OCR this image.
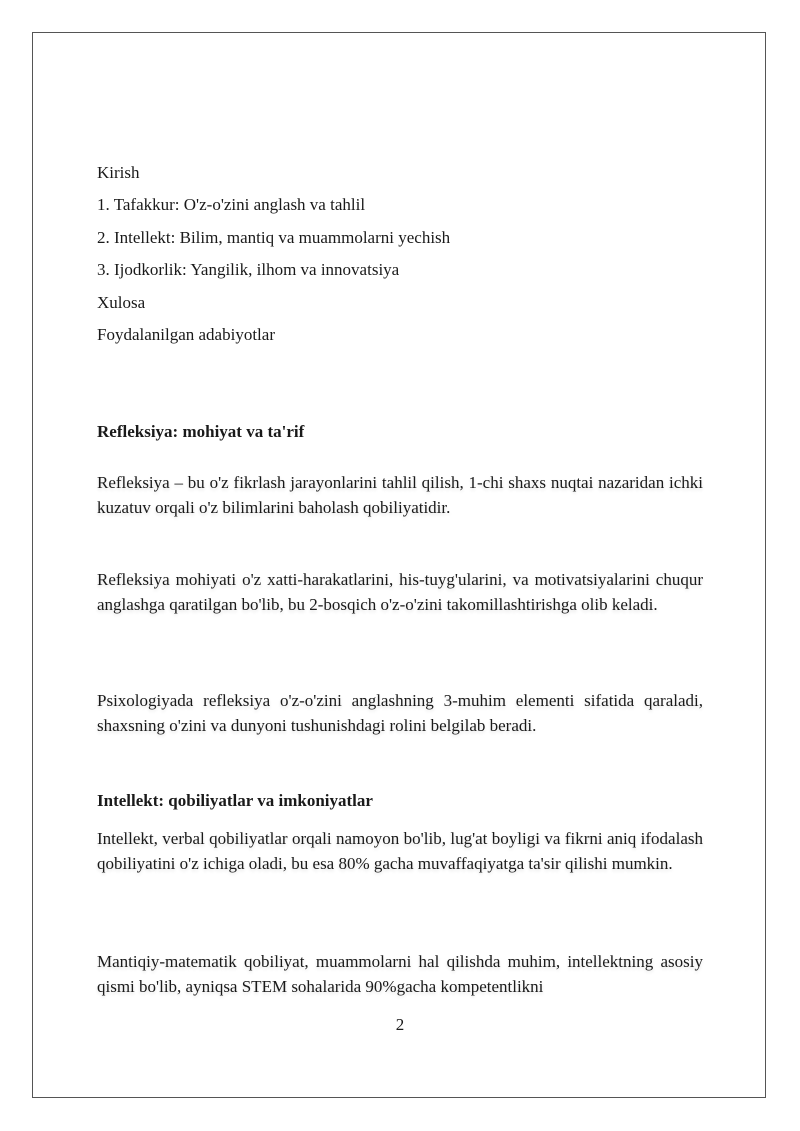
Kirish
1. Tafakkur: O'z-o'zini anglash va tahlil
2. Intellekt: Bilim, mantiq va muammolarni yechish
3. Ijodkorlik: Yangilik, ilhom va innovatsiya
Xulosa
Foydalanilgan adabiyotlar
Refleksiya: mohiyat va ta'rif
Refleksiya – bu o'z fikrlash jarayonlarini tahlil qilish, 1-chi shaxs nuqtai nazaridan ichki kuzatuv orqali o'z bilimlarini baholash qobiliyatidir.
Refleksiya mohiyati o'z xatti-harakatlarini, his-tuyg'ularini, va motivatsiyalarini chuqur anglashga qaratilgan bo'lib, bu 2-bosqich o'z-o'zini takomillashtirishga olib keladi.
Psixologiyada refleksiya o'z-o'zini anglashning 3-muhim elementi sifatida qaraladi, shaxsning o'zini va dunyoni tushunishdagi rolini belgilab beradi.
Intellekt: qobiliyatlar va imkoniyatlar
Intellekt, verbal qobiliyatlar orqali namoyon bo'lib, lug'at boyligi va fikrni aniq ifodalash qobiliyatini o'z ichiga oladi, bu esa 80% gacha muvaffaqiyatga ta'sir qilishi mumkin.
Mantiqiy-matematik qobiliyat, muammolarni hal qilishda muhim, intellektning asosiy qismi bo'lib, ayniqsa STEM sohalarida 90%gacha kompetentlikni
2
